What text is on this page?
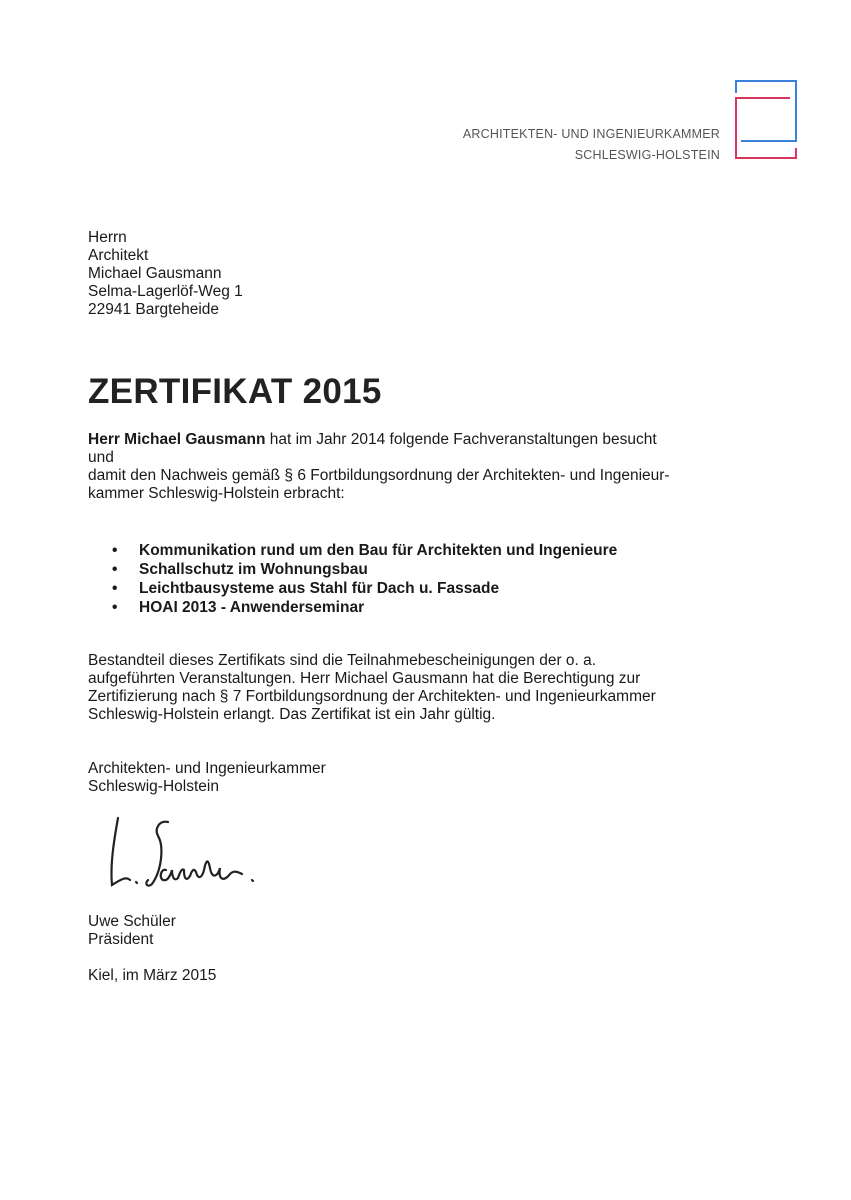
ARCHITEKTEN- UND INGENIEURKAMMER
SCHLESWIG-HOLSTEIN
Herrn
Architekt
Michael Gausmann
Selma-Lagerlöf-Weg 1
22941 Bargteheide
ZERTIFIKAT 2015
Herr Michael Gausmann hat im Jahr 2014 folgende Fachveranstaltungen besucht
und
damit den Nachweis gemäß § 6 Fortbildungsordnung der Architekten- und Ingenieur-
kammer Schleswig-Holstein erbracht:
• Kommunikation rund um den Bau für Architekten und Ingenieure
• Schallschutz im Wohnungsbau
• Leichtbausysteme aus Stahl für Dach u. Fassade
• HOAI 2013 - Anwenderseminar
Bestandteil dieses Zertifikats sind die Teilnahmebescheinigungen der o. a.
aufgeführten Veranstaltungen. Herr Michael Gausmann hat die Berechtigung zur
Zertifizierung nach § 7 Fortbildungsordnung der Architekten- und Ingenieurkammer
Schleswig-Holstein erlangt. Das Zertifikat ist ein Jahr gültig.
Architekten- und Ingenieurkammer
Schleswig-Holstein
Uwe Schüler
Präsident
Kiel, im März 2015
